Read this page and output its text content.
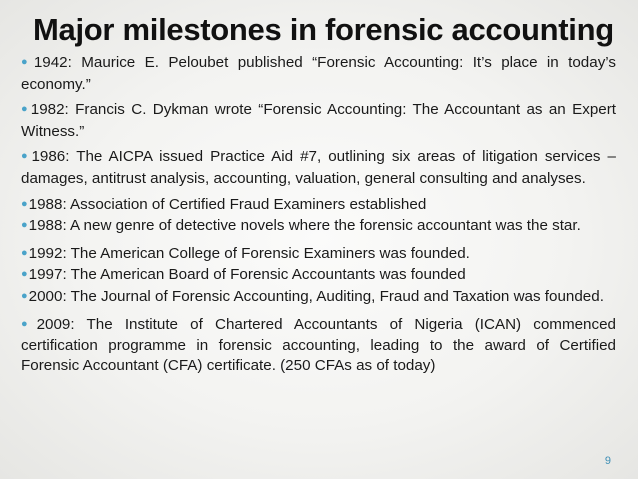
Major milestones in forensic accounting

●1942: Maurice E. Peloubet published “Forensic Accounting: It’s place in today’s economy.”

●1982: Francis C. Dykman wrote “Forensic Accounting: The Accountant as an Expert Witness.”

●1986: The AICPA issued Practice Aid #7, outlining six areas of litigation services – damages, antitrust analysis, accounting, valuation, general consulting and analyses.

●1988: Association of Certified Fraud Examiners established

●1988: A new genre of detective novels where the forensic accountant was the star.

●1992: The American College of Forensic Examiners was founded.

●1997: The American Board of Forensic Accountants was founded

●2000: The Journal of Forensic Accounting, Auditing, Fraud and Taxation was founded.

●2009: The Institute of Chartered Accountants of Nigeria (ICAN) commenced certification programme in forensic accounting, leading to the award of Certified Forensic Accountant (CFA) certificate. (250 CFAs as of today)

9
